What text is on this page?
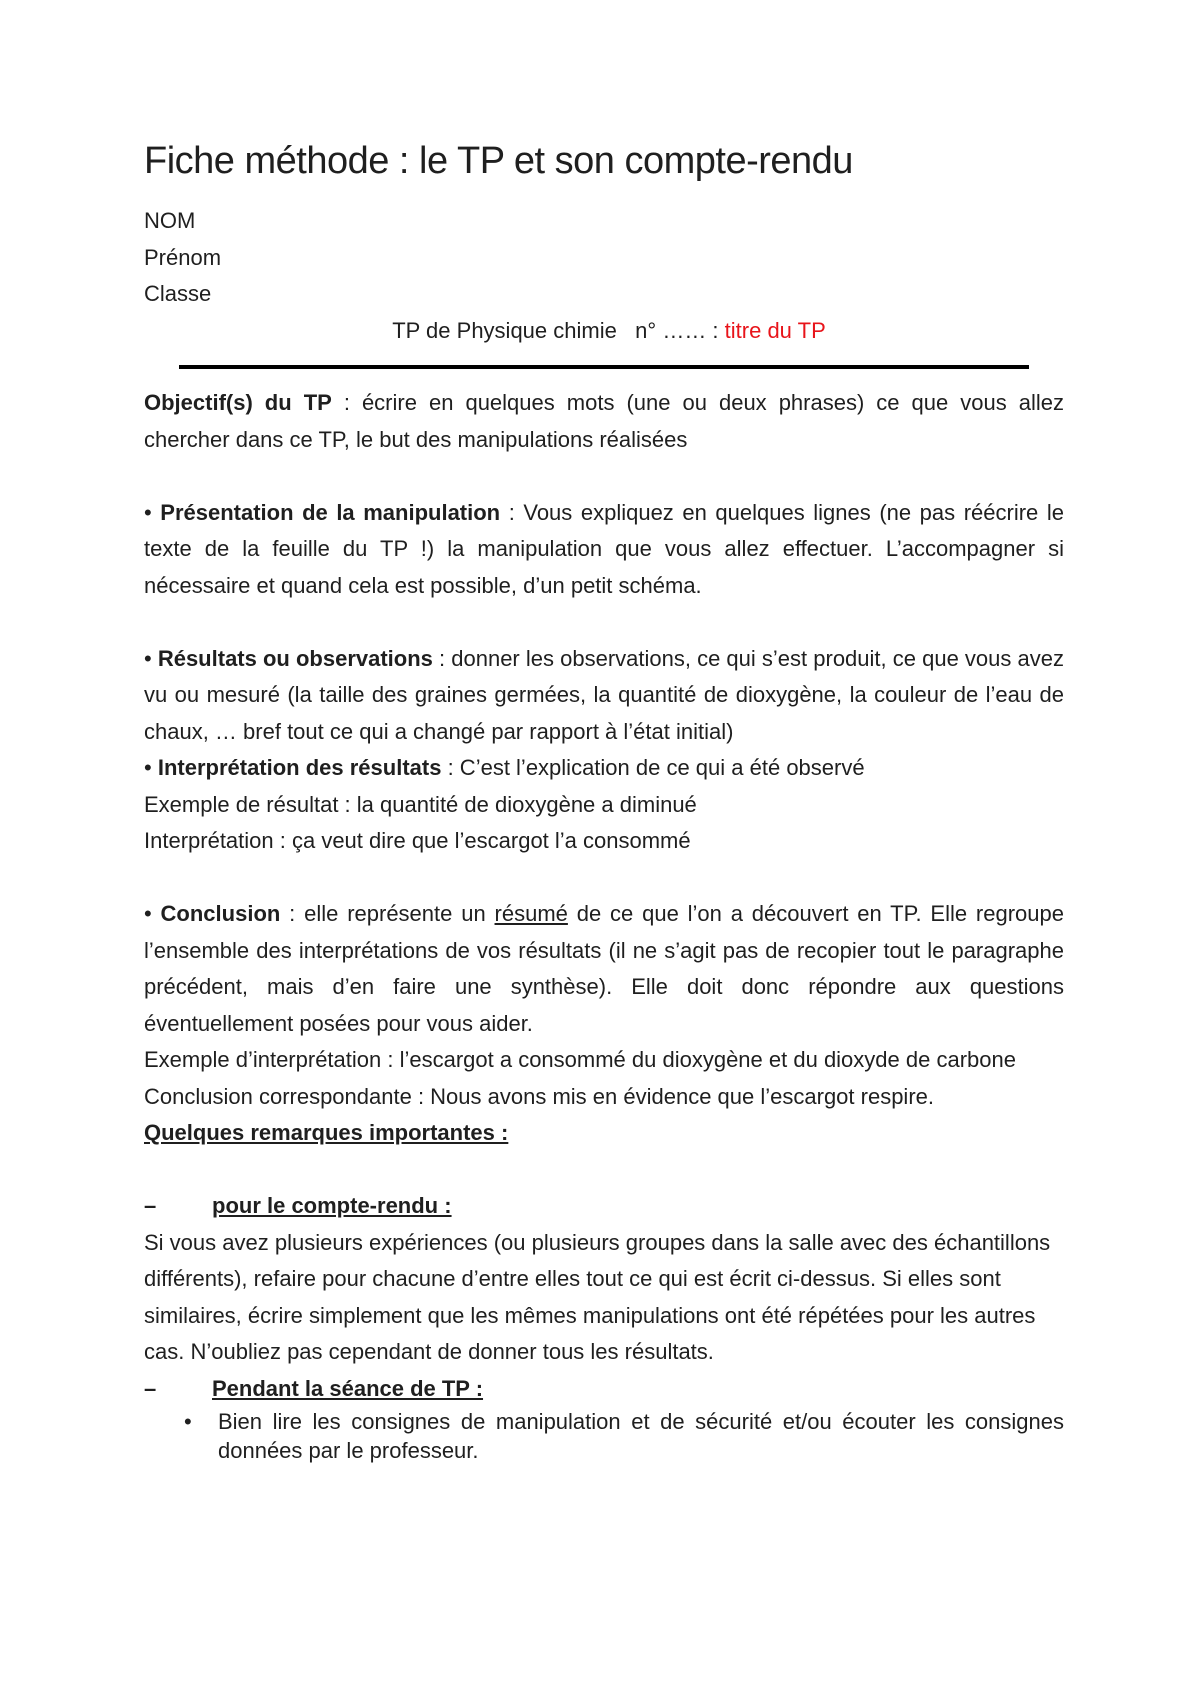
Fiche méthode : le TP et son compte-rendu

NOM

Prénom

Classe

TP de Physique chimie   n° …… : titre du TP

Objectif(s) du TP : écrire en quelques mots (une ou deux phrases) ce que vous allez chercher dans ce TP, le but des manipulations réalisées

• Présentation de la manipulation : Vous expliquez en quelques lignes (ne pas réécrire le texte de la feuille du TP !) la manipulation que vous allez effectuer. L’accompagner si nécessaire et quand cela est possible, d’un petit schéma.

• Résultats ou observations : donner les observations, ce qui s’est produit, ce que vous avez vu ou mesuré (la taille des graines germées, la quantité de dioxygène, la couleur de l’eau de chaux, … bref tout ce qui a changé par rapport à l’état initial)

• Interprétation des résultats : C’est l’explication de ce qui a été observé

Exemple de résultat : la quantité de dioxygène a diminué

Interprétation : ça veut dire que l’escargot l’a consommé

• Conclusion : elle représente un résumé de ce que l’on a découvert en TP. Elle regroupe l’ensemble des interprétations de vos résultats (il ne s’agit pas de recopier tout le paragraphe précédent, mais d’en faire une synthèse). Elle doit donc répondre aux questions éventuellement posées pour vous aider.

Exemple d’interprétation : l’escargot a consommé du dioxygène et du dioxyde de carbone

Conclusion correspondante : Nous avons mis en évidence que l’escargot respire.

Quelques remarques importantes :

–	pour le compte-rendu :

Si vous avez plusieurs expériences (ou plusieurs groupes dans la salle avec des échantillons différents), refaire pour chacune d’entre elles tout ce qui est écrit ci-dessus. Si elles sont similaires, écrire simplement que les mêmes manipulations ont été répétées pour les autres cas. N’oubliez pas cependant de donner tous les résultats.

–	Pendant la séance de TP :

• Bien lire les consignes de manipulation et de sécurité et/ou écouter les consignes données par le professeur.
